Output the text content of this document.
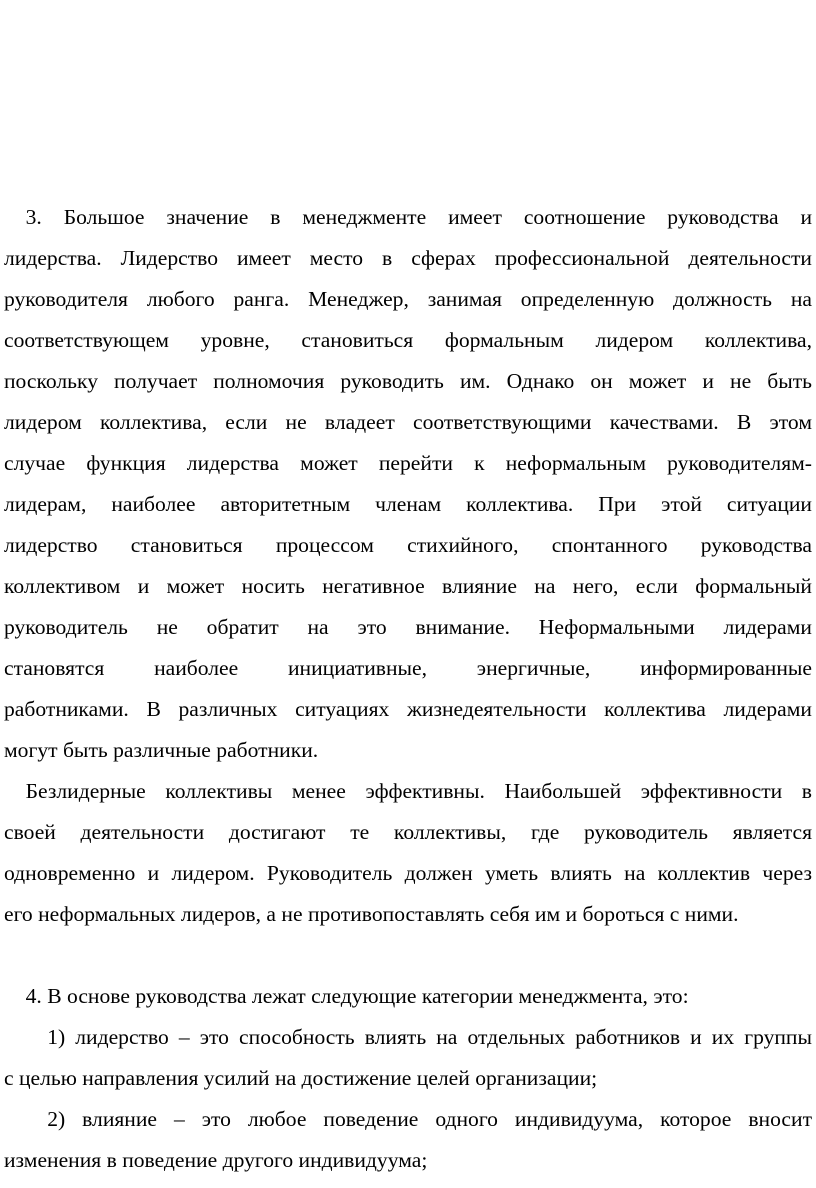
3. Большое значение в менеджменте имеет соотношение руководства и
лидерства. Лидерство имеет место в сферах профессиональной деятельности
руководителя любого ранга. Менеджер, занимая определенную должность на
соответствующем уровне, становиться формальным лидером коллектива,
поскольку получает полномочия руководить им. Однако он может и не быть
лидером коллектива, если не владеет соответствующими качествами. В этом
случае функция лидерства может перейти к неформальным руководителям-
лидерам, наиболее авторитетным членам коллектива. При этой ситуации
лидерство становиться процессом стихийного, спонтанного руководства
коллективом и может носить негативное влияние на него, если формальный
руководитель не обратит на это внимание. Неформальными лидерами
становятся наиболее инициативные, энергичные, информированные
работниками. В различных ситуациях жизнедеятельности коллектива лидерами
могут быть различные работники.
Безлидерные коллективы менее эффективны. Наибольшей эффективности в
своей деятельности достигают те коллективы, где руководитель является
одновременно и лидером. Руководитель должен уметь влиять на коллектив через
его неформальных лидеров, а не противопоставлять себя им и бороться с ними.
4. В основе руководства лежат следующие категории менеджмента, это:
1) лидерство – это способность влиять на отдельных работников и их группы
с целью направления усилий на достижение целей организации;
2) влияние – это любое поведение одного индивидуума, которое вносит
изменения в поведение другого индивидуума;
